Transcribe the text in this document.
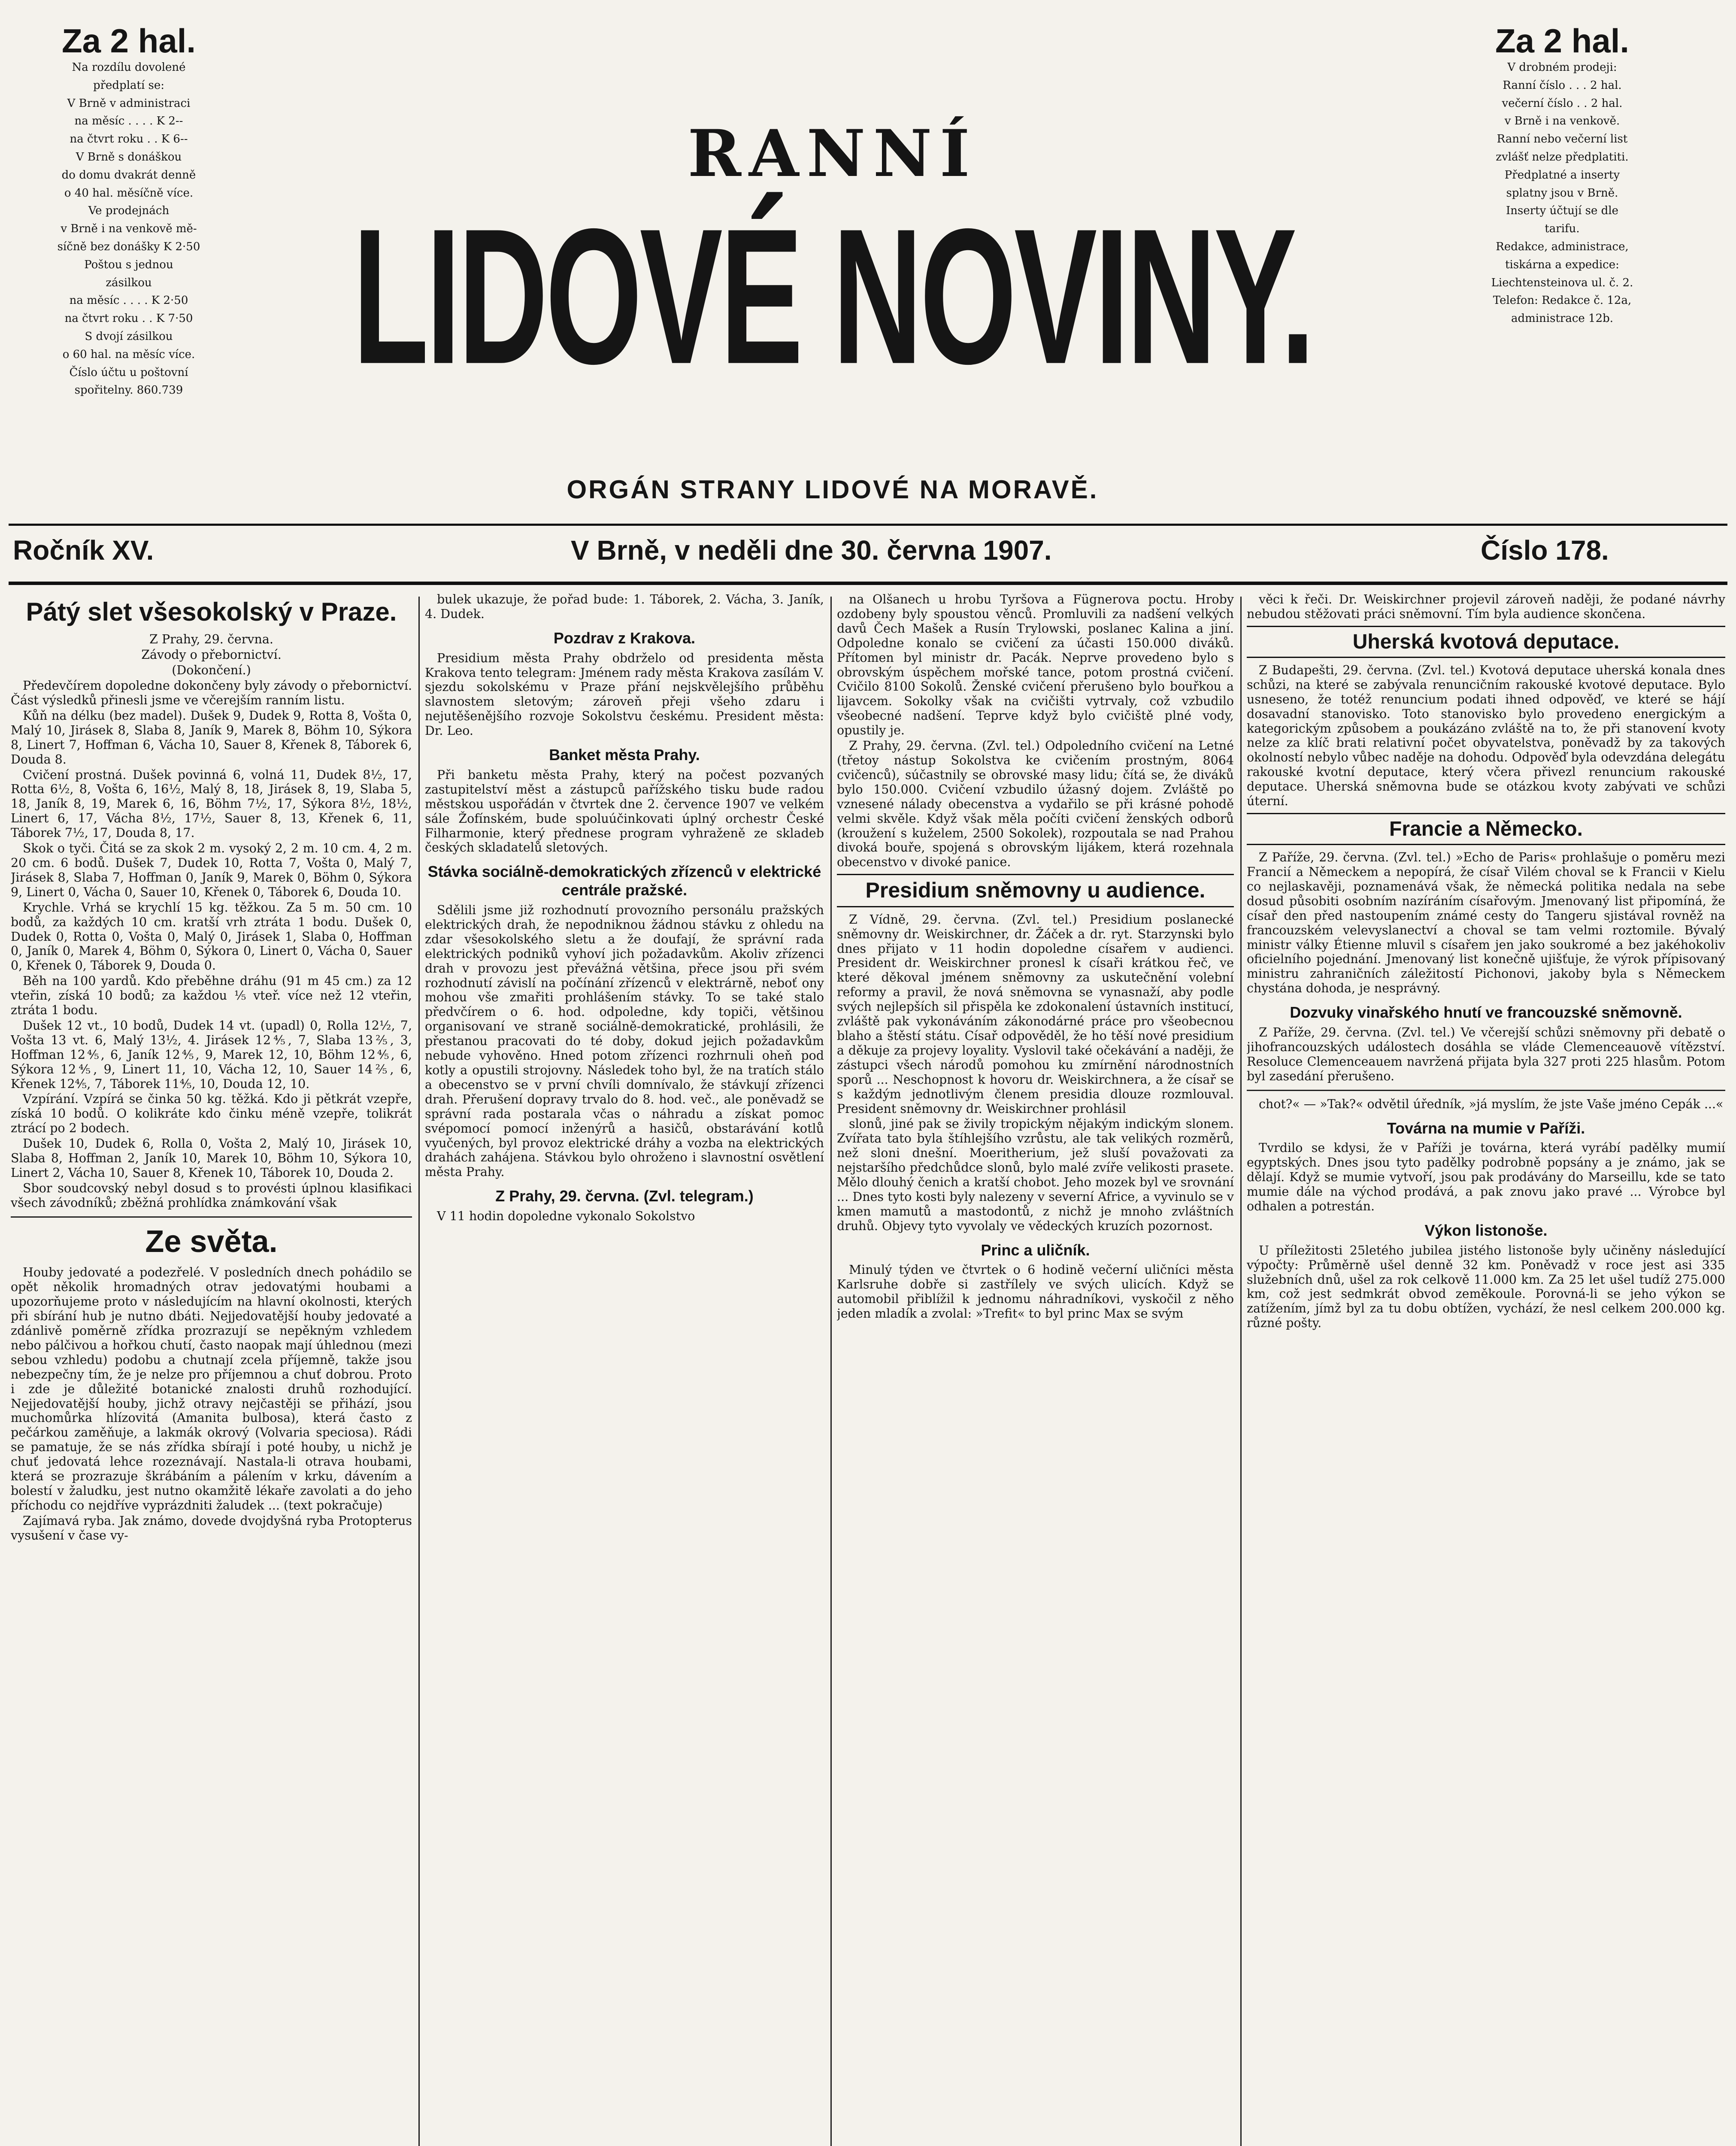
Za 2 hal.

Na rozdílu dovolené

předplatí se:

V Brně v administraci

na měsíc . . . . K 2--

na čtvrt roku . . K 6--

V Brně s donáškou

do domu dvakrát denně

o 40 hal. měsíčně více.

Ve prodejnách

v Brně i na venkově mě-

síčně bez donášky K 2·50

Poštou s jednou

zásilkou

na měsíc . . . . K 2·50

na čtvrt roku . . K 7·50

S dvojí zásilkou

o 60 hal. na měsíc více.

Číslo účtu u poštovní

spořitelny. 860.739

Za 2 hal.

V drobném prodeji:

Ranní číslo . . . 2 hal.

večerní číslo . . 2 hal.

v Brně i na venkově.

Ranní nebo večerní list

zvlášť nelze předplatiti.

Předplatné a inserty

splatny jsou v Brně.

Inserty účtují se dle

tarifu.

Redakce, administrace,

tiskárna a expedice:

Liechtensteinova ul. č. 2.

Telefon: Redakce č. 12a,

administrace 12b.

RANNÍ
LIDOVÉ NOVINY.
ORGÁN STRANY LIDOVÉ NA MORAVĚ.
Ročník XV.	V Brně, v neděli dne 30. června 1907.	Číslo 178.
Pátý slet všesokolský v Praze.

Z Prahy, 29. června.

Závody o přebornictví.

(Dokončení.)

Předevčírem dopoledne dokončeny byly závody o přebornictví. Část výsledků přinesli jsme ve včerejším ranním listu.

Kůň na délku (bez madel). Dušek 9, Dudek 9, Rotta 8, Vošta 0, Malý 10, Jirásek 8, Slaba 8, Janík 9, Marek 8, Böhm 10, Sýkora 8, Linert 7, Hoffman 6, Vácha 10, Sauer 8, Křenek 8, Táborek 6, Douda 8.

Cvičení prostná. Dušek povinná 6, volná 11, Dudek 8½, 17, Rotta 6½, 8, Vošta 6, 16½, Malý 8, 18, Jirásek 8, 19, Slaba 5, 18, Janík 8, 19, Marek 6, 16, Böhm 7½, 17, Sýkora 8½, 18½, Linert 6, 17, Vácha 8½, 17½, Sauer 8, 13, Křenek 6, 11, Táborek 7½, 17, Douda 8, 17.

Skok o tyči. Čitá se za skok 2 m. vysoký 2, 2 m. 10 cm. 4, 2 m. 20 cm. 6 bodů. Dušek 7, Dudek 10, Rotta 7, Vošta 0, Malý 7, Jirásek 8, Slaba 7, Hoffman 0, Janík 9, Marek 0, Böhm 0, Sýkora 9, Linert 0, Vácha 0, Sauer 10, Křenek 0, Táborek 6, Douda 10.

Krychle. Vrhá se krychlí 15 kg. těžkou. Za 5 m. 50 cm. 10 bodů, za každých 10 cm. kratší vrh ztráta 1 bodu. Dušek 0, Dudek 0, Rotta 0, Vošta 0, Malý 0, Jirásek 1, Slaba 0, Hoffman 0, Janík 0, Marek 4, Böhm 0, Sýkora 0, Linert 0, Vácha 0, Sauer 0, Křenek 0, Táborek 9, Douda 0.

Běh na 100 yardů. Kdo přeběhne dráhu (91 m 45 cm.) za 12 vteřin, získá 10 bodů; za každou ⅕ vteř. více než 12 vteřin, ztráta 1 bodu.

Dušek 12 vt., 10 bodů, Dudek 14 vt. (upadl) 0, Rolla 12½, 7, Vošta 13 vt. 6, Malý 13½, 4. Jirásek 12⅘, 7, Slaba 13⅖, 3, Hoffman 12⅘, 6, Janík 12⅘, 9, Marek 12, 10, Böhm 12⅘, 6, Sýkora 12⅘, 9, Linert 11, 10, Vácha 12, 10, Sauer 14⅖, 6, Křenek 12⅘, 7, Táborek 11⅘, 10, Douda 12, 10.

Vzpírání. Vzpírá se činka 50 kg. těžká. Kdo ji pětkrát vzepře, získá 10 bodů. O kolikráte kdo činku méně vzepře, tolikrát ztrácí po 2 bodech.

Dušek 10, Dudek 6, Rolla 0, Vošta 2, Malý 10, Jirásek 10, Slaba 8, Hoffman 2, Janík 10, Marek 10, Böhm 10, Sýkora 10, Linert 2, Vácha 10, Sauer 8, Křenek 10, Táborek 10, Douda 2.

Sbor soudcovský nebyl dosud s to provésti úplnou klasifikaci všech závodníků; zběžná prohlídka známkování však

Ze světa.

Houby jedovaté a podezřelé. V posledních dnech pohádilo se opět několik hromadných otrav jedovatými houbami a upozorňujeme proto v následujícím na hlavní okolnosti, kterých při sbírání hub je nutno dbáti. Nejjedovatější houby jedovaté a zdánlivě poměrně zřídka prozrazují se nepěkným vzhledem nebo pálčivou a hořkou chutí, často naopak mají úhlednou (mezi sebou vzhledu) podobu a chutnají zcela příjemně, takže jsou nebezpečny tím, že je nelze pro příjemnou a chuť dobrou. Proto i zde je důležité botanické znalosti druhů rozhodující. Nejjedovatější houby, jichž otravy nejčastěji se přihází, jsou muchomůrka hlízovitá (Amanita bulbosa), která často z pečárkou zaměňuje, a lakmák okrový (Volvaria speciosa). Rádi se pamatuje, že se nás zřídka sbírají i poté houby, u nichž je chuť jedovatá lehce rozeznávají. Nastala-li otrava houbami, která se prozrazuje škrábáním a pálením v krku, dávením a bolestí v žaludku, jest nutno okamžitě lékaře zavolati a do jeho příchodu co nejdříve vyprázdniti žaludek ... (text pokračuje)

Zajímavá ryba. Jak známo, dovede dvojdyšná ryba Protopterus vysušení v čase vy-

bulek ukazuje, že pořad bude: 1. Táborek, 2. Vácha, 3. Janík, 4. Dudek.

Pozdrav z Krakova.

Presidium města Prahy obdrželo od presidenta města Krakova tento telegram: Jménem rady města Krakova zasílám V. sjezdu sokolskému v Praze přání nejskvělejšího průběhu slavnostem sletovým; zároveň přeji všeho zdaru i nejutěšenějšího rozvoje Sokolstvu českému. President města: Dr. Leo.

Banket města Prahy.

Při banketu města Prahy, který na počest pozvaných zastupitelství měst a zástupců pařížského tisku bude radou městskou uspořádán v čtvrtek dne 2. července 1907 ve velkém sále Žofínském, bude spoluúčinkovati úplný orchestr České Filharmonie, který přednese program vyhraženě ze skladeb českých skladatelů sletových.

Stávka sociálně-demokratických zřízenců v elektrické centrále pražské.

Sdělili jsme již rozhodnutí provozního personálu pražských elektrických drah, že nepodniknou žádnou stávku z ohledu na zdar všesokolského sletu a že doufají, že správní rada elektrických podniků vyhoví jich požadavkům. Akoliv zřízenci drah v provozu jest převážná většina, přece jsou při svém rozhodnutí závislí na počínání zřízenců v elektrárně, neboť ony mohou vše zmařiti prohlášením stávky. To se také stalo předvčírem o 6. hod. odpoledne, kdy topiči, většinou organisovaní ve straně sociálně-demokratické, prohlásili, že přestanou pracovati do té doby, dokud jejich požadavkům nebude vyhověno. Hned potom zřízenci rozhrnuli oheň pod kotly a opustili strojovny. Následek toho byl, že na tratích stálo a obecenstvo se v první chvíli domnívalo, že stávkují zřízenci drah. Přerušení dopravy trvalo do 8. hod. več., ale poněvadž se správní rada postarala včas o náhradu a získat pomoc svépomocí pomocí inženýrů a hasičů, obstarávání kotlů vyučených, byl provoz elektrické dráhy a vozba na elektrických drahách zahájena. Stávkou bylo ohroženo i slavnostní osvětlení města Prahy.

Z Prahy, 29. června. (Zvl. telegram.)

V 11 hodin dopoledne vykonalo Sokolstvo

na Olšanech u hrobu Tyršova a Fügnerova poctu. Hroby ozdobeny byly spoustou věnců. Promluvili za nadšení velkých davů Čech Mašek a Rusín Trylowski, poslanec Kalina a jiní. Odpoledne konalo se cvičení za účasti 150.000 diváků. Přítomen byl ministr dr. Pacák. Neprve provedeno bylo s obrovským úspěchem mořské tance, potom prostná cvičení. Cvičilo 8100 Sokolů. Ženské cvičení přerušeno bylo bouřkou a lijavcem. Sokolky však na cvičišti vytrvaly, což vzbudilo všeobecné nadšení. Teprve když bylo cvičiště plné vody, opustily je.

Z Prahy, 29. června. (Zvl. tel.) Odpoledního cvičení na Letné (třetoy nástup Sokolstva ke cvičením prostným, 8064 cvičenců), súčastnily se obrovské masy lidu; čítá se, že diváků bylo 150.000. Cvičení vzbudilo úžasný dojem. Zvláště po vznesené nálady obecenstva a vydařilo se při krásné pohodě velmi skvěle. Když však měla počíti cvičení ženských odborů (kroužení s kuželem, 2500 Sokolek), rozpoutala se nad Prahou divoká bouře, spojená s obrovským lijákem, která rozehnala obecenstvo v divoké panice.

Presidium sněmovny u audience.

Z Vídně, 29. června. (Zvl. tel.) Presidium poslanecké sněmovny dr. Weiskirchner, dr. Žáček a dr. ryt. Starzynski bylo dnes přijato v 11 hodin dopoledne císařem v audienci. President dr. Weiskirchner pronesl k císaři krátkou řeč, ve které děkoval jménem sněmovny za uskutečnění volební reformy a pravil, že nová sněmovna se vynasnaží, aby podle svých nejlepších sil přispěla ke zdokonalení ústavních institucí, zvláště pak vykonáváním zákonodárné práce pro všeobecnou blaho a štěstí státu. Císař odpověděl, že ho těší nové presidium a děkuje za projevy loyality. Vyslovil také očekávání a naději, že zástupci všech národů pomohou ku zmírnění národnostních sporů ... Neschopnost k hovoru dr. Weiskirchnera, a že císař se s každým jednotlivým členem presidia dlouze rozmlouval. President sněmovny dr. Weiskirchner prohlásil

slonů, jiné pak se živily tropickým nějakým indickým slonem. Zvířata tato byla štíhlejšího vzrůstu, ale tak velikých rozměrů, než sloni dnešní. Moeritherium, jež sluší považovati za nejstaršího předchůdce slonů, bylo malé zvíře velikosti prasete. Mělo dlouhý čenich a kratší chobot. Jeho mozek byl ve srovnání ... Dnes tyto kosti byly nalezeny v severní Africe, a vyvinulo se v kmen mamutů a mastodontů, z nichž je mnoho zvláštních druhů. Objevy tyto vyvolaly ve vědeckých kruzích pozornost.

Princ a uličník.

Minulý týden ve čtvrtek o 6 hodině večerní uličníci města Karlsruhe dobře si zastřílely ve svých ulicích. Když se automobil přiblížil k jednomu náhradníkovi, vyskočil z něho jeden mladík a zvolal: »Trefit« to byl princ Max se svým

věci k řeči. Dr. Weiskirchner projevil zároveň naději, že podané návrhy nebudou stěžovati práci sněmovní. Tím byla audience skončena.

Uherská kvotová deputace.

Z Budapešti, 29. června. (Zvl. tel.) Kvotová deputace uherská konala dnes schůzi, na které se zabývala renuncičním rakouské kvotové deputace. Bylo usneseno, že totéž renuncium podati ihned odpověď, ve které se hájí dosavadní stanovisko. Toto stanovisko bylo provedeno energickým a kategorickým způsobem a poukázáno zvláště na to, že při stanovení kvoty nelze za klíč brati relativní počet obyvatelstva, poněvadž by za takových okolností nebylo vůbec naděje na dohodu. Odpověď byla odevzdána delegátu rakouské kvotní deputace, který včera přivezl renuncium rakouské deputace. Uherská sněmovna bude se otázkou kvoty zabývati ve schůzi úterní.

Francie a Německo.

Z Paříže, 29. června. (Zvl. tel.) »Echo de Paris« prohlašuje o poměru mezi Francií a Německem a nepopírá, že císař Vilém choval se k Francii v Kielu co nejlaskavěji, poznamenává však, že německá politika nedala na sebe dosud působiti osobním nazíráním císařovým. Jmenovaný list připomíná, že císař den před nastoupením známé cesty do Tangeru sjistával rovněž na francouzském velevyslanectví a choval se tam velmi roztomile. Bývalý ministr války Étienne mluvil s císařem jen jako soukromé a bez jakéhokoliv oficielního pojednání. Jmenovaný list konečně ujišťuje, že výrok přípisovaný ministru zahraničních záležitostí Pichonovi, jakoby byla s Německem chystána dohoda, je nesprávný.

Dozvuky vinařského hnutí ve francouzské sněmovně.

Z Paříže, 29. června. (Zvl. tel.) Ve včerejší schůzi sněmovny při debatě o jihofrancouzských událostech dosáhla se vláde Clemenceauově vítězství. Resoluce Clemenceauem navržená přijata byla 327 proti 225 hlasům. Potom byl zasedání přerušeno.

chot?« — »Tak?« odvětil úředník, »já myslím, že jste Vaše jméno Cepák ...«

Továrna na mumie v Paříži.

Tvrdilo se kdysi, že v Paříži je továrna, která vyrábí padělky mumií egyptských. Dnes jsou tyto padělky podrobně popsány a je známo, jak se dělají. Když se mumie vytvoří, jsou pak prodávány do Marseillu, kde se tato mumie dále na východ prodává, a pak znovu jako pravé ... Výrobce byl odhalen a potrestán.

Výkon listonoše.

U příležitosti 25letého jubilea jistého listonoše byly učiněny následující výpočty: Průměrně ušel denně 32 km. Poněvadž v roce jest asi 335 služebních dnů, ušel za rok celkově 11.000 km. Za 25 let ušel tudíž 275.000 km, což jest sedmkrát obvod zeměkoule. Porovná-li se jeho výkon se zatížením, jímž byl za tu dobu obtížen, vychází, že nesl celkem 200.000 kg. různé pošty.
